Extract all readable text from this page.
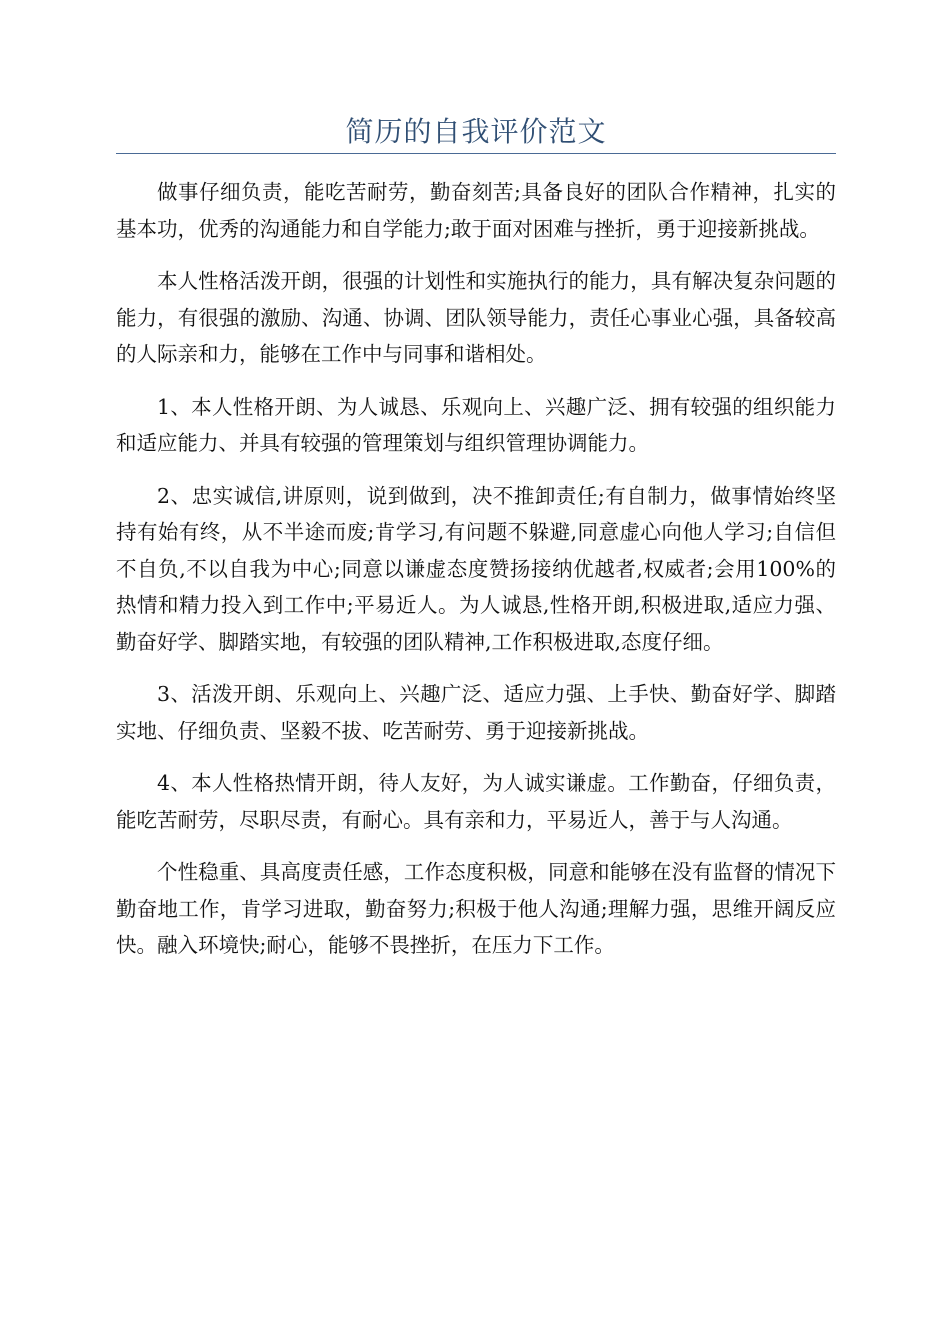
简历的自我评价范文

做事仔细负责，能吃苦耐劳，勤奋刻苦;具备良好的团队合作精神，扎实的基本功，优秀的沟通能力和自学能力;敢于面对困难与挫折，勇于迎接新挑战。

本人性格活泼开朗，很强的计划性和实施执行的能力，具有解决复杂问题的能力，有很强的激励、沟通、协调、团队领导能力，责任心事业心强，具备较高的人际亲和力，能够在工作中与同事和谐相处。

1、本人性格开朗、为人诚恳、乐观向上、兴趣广泛、拥有较强的组织能力和适应能力、并具有较强的管理策划与组织管理协调能力。

2、忠实诚信,讲原则，说到做到，决不推卸责任;有自制力，做事情始终坚持有始有终，从不半途而废;肯学习,有问题不躲避,同意虚心向他人学习;自信但不自负,不以自我为中心;同意以谦虚态度赞扬接纳优越者,权威者;会用100%的热情和精力投入到工作中;平易近人。为人诚恳,性格开朗,积极进取,适应力强、勤奋好学、脚踏实地，有较强的团队精神,工作积极进取,态度仔细。

3、活泼开朗、乐观向上、兴趣广泛、适应力强、上手快、勤奋好学、脚踏实地、仔细负责、坚毅不拔、吃苦耐劳、勇于迎接新挑战。

4、本人性格热情开朗，待人友好，为人诚实谦虚。工作勤奋，仔细负责，能吃苦耐劳，尽职尽责，有耐心。具有亲和力，平易近人，善于与人沟通。

个性稳重、具高度责任感，工作态度积极，同意和能够在没有监督的情况下勤奋地工作，肯学习进取，勤奋努力;积极于他人沟通;理解力强，思维开阔反应快。融入环境快;耐心，能够不畏挫折，在压力下工作。
